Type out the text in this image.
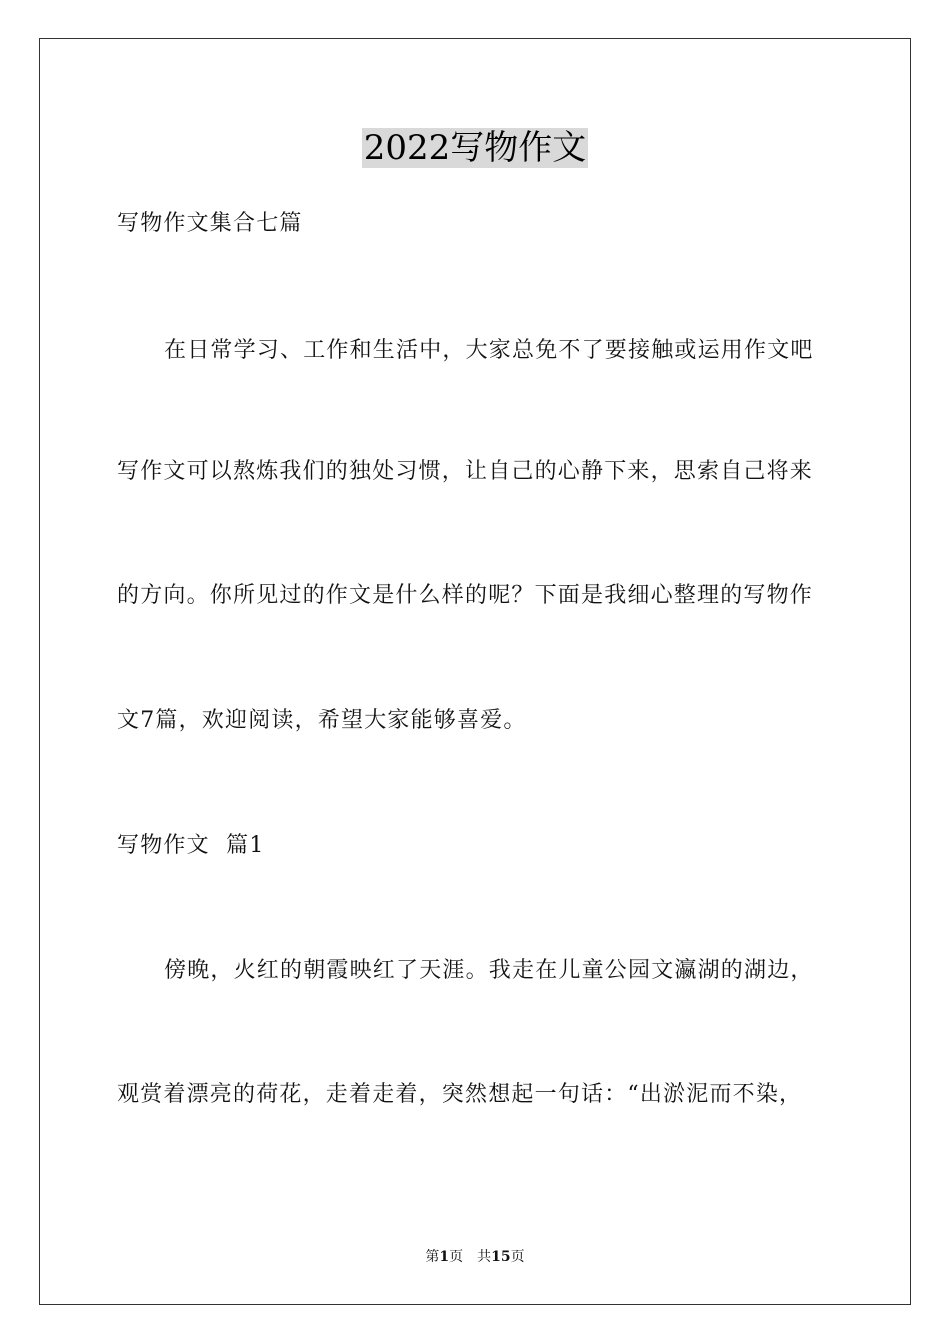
2022写物作文
写物作文集合七篇
在日常学习、工作和生活中，大家总免不了要接触或运用作文吧
写作文可以熬炼我们的独处习惯，让自己的心静下来，思索自己将来
的方向。你所见过的作文是什么样的呢？下面是我细心整理的写物作
文7篇，欢迎阅读，希望大家能够喜爱。
写物作文  篇1
傍晚，火红的朝霞映红了天涯。我走在儿童公园文瀛湖的湖边，
观赏着漂亮的荷花，走着走着，突然想起一句话：“出淤泥而不染，
第1页 共15页
